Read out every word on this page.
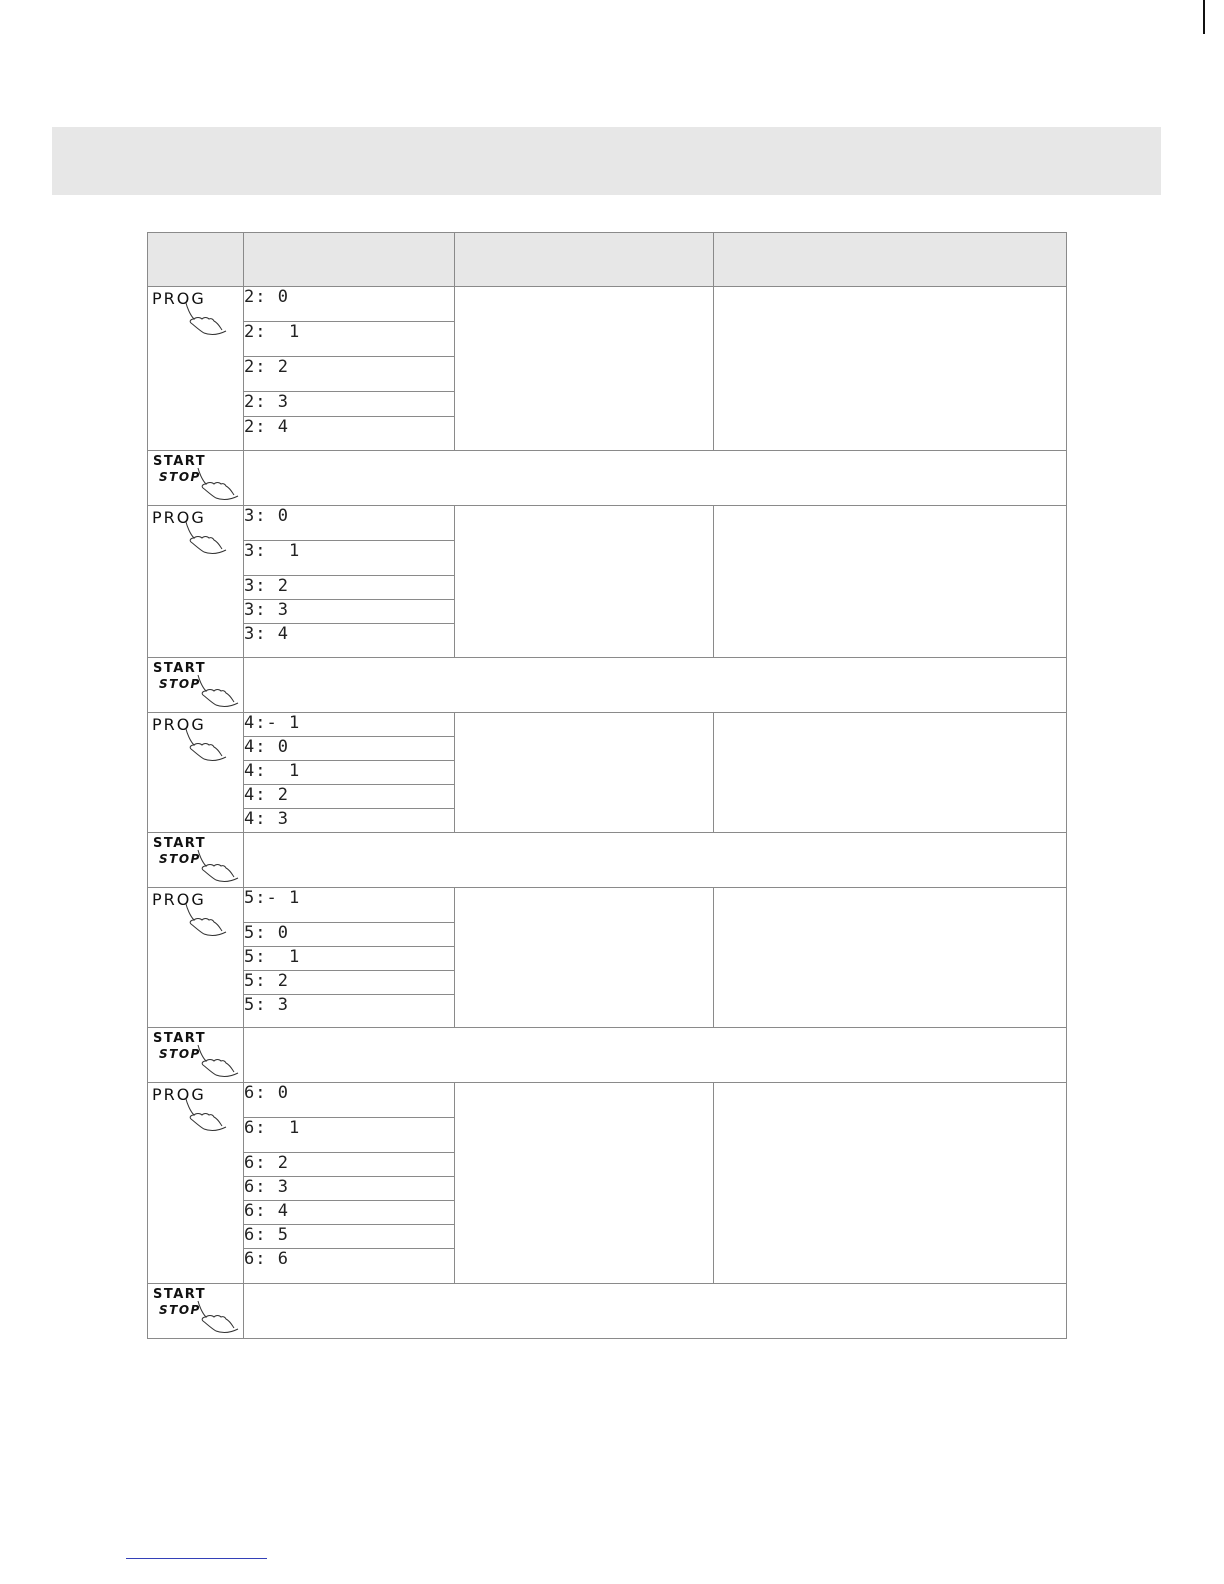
PROG	2: 0		
	2:  1		
	2: 2		
	2: 3		
	2: 4		

START
STOP			

PROG	3: 0		
	3:  1		
	3: 2		
	3: 3		
	3: 4		

START
STOP			

PROG	4:- 1		
	4: 0		
	4:  1		
	4: 2		
	4: 3		

START
STOP			

PROG	5:- 1		
	5: 0		
	5:  1		
	5: 2		
	5: 3		

START
STOP			

PROG	6: 0		
	6:  1		
	6: 2		
	6: 3		
	6: 4		
	6: 5		
	6: 6		

START
STOP			
